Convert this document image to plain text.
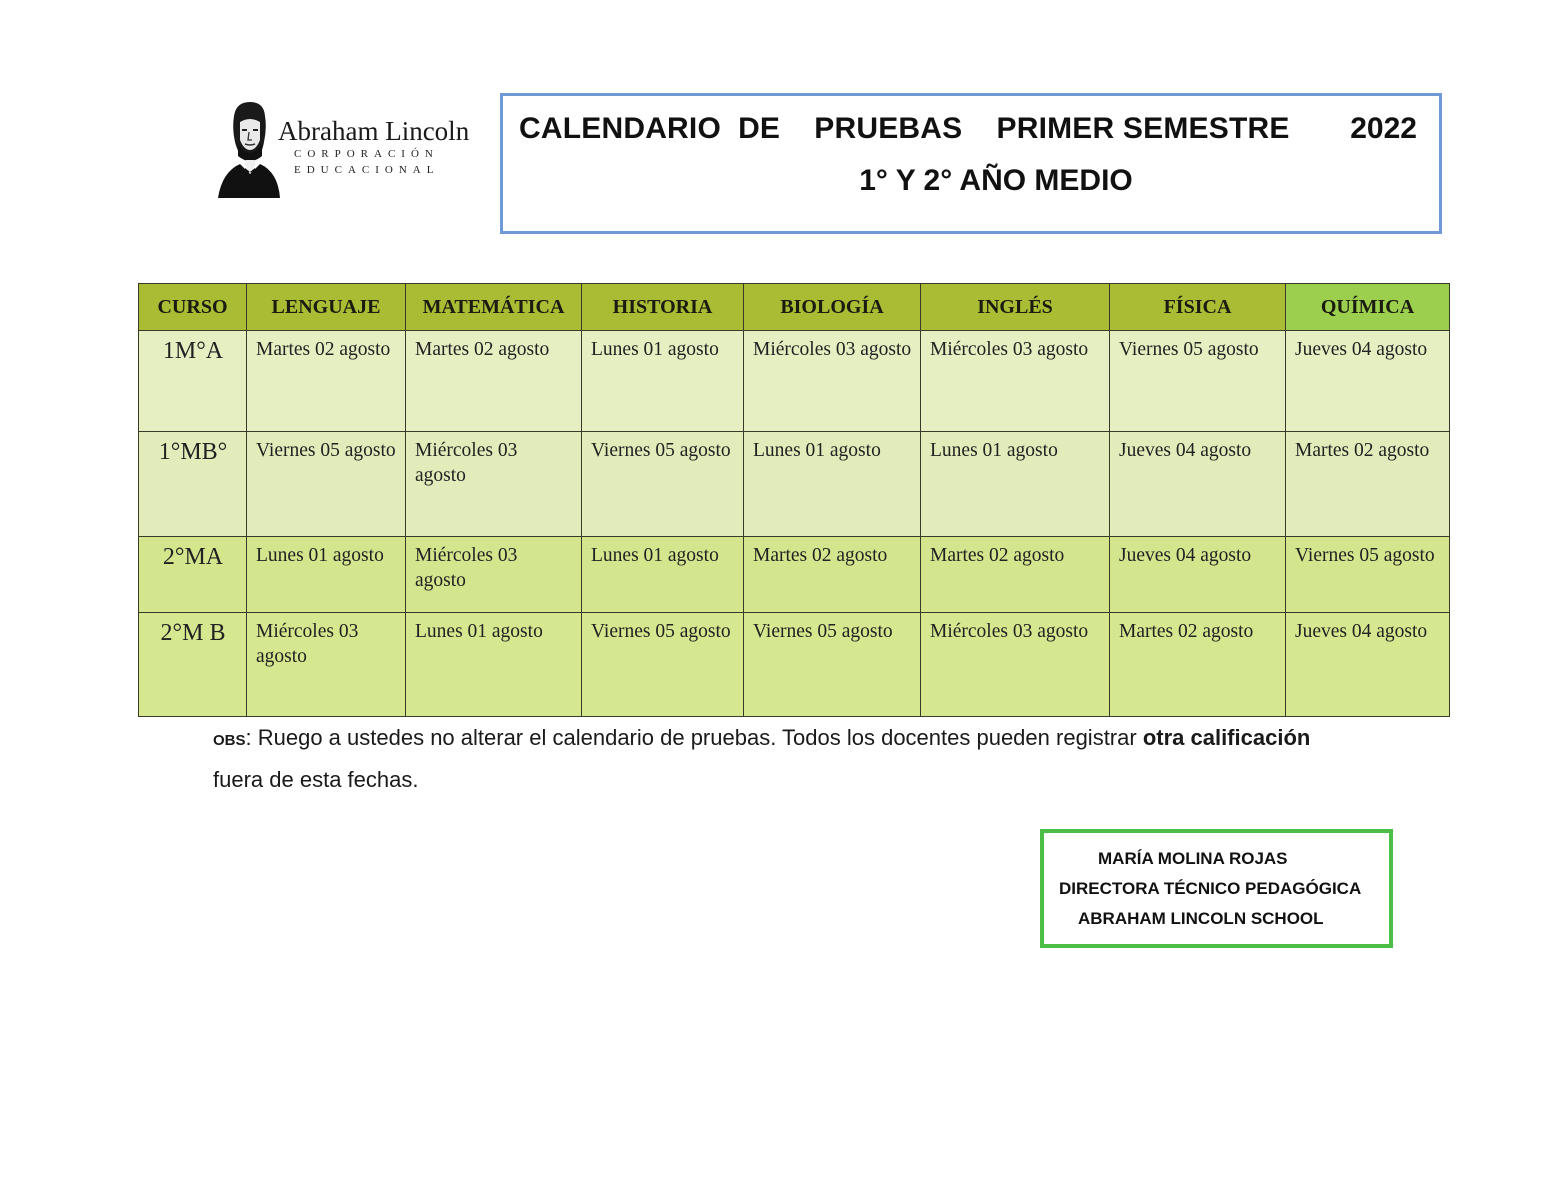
Abraham Lincoln
CORPORACIÓN
EDUCACIONAL
CALENDARIO  DE    PRUEBAS    PRIMER SEMESTRE 2022
1° Y 2° AÑO MEDIO
CURSO	LENGUAJE	MATEMÁTICA	HISTORIA	BIOLOGÍA	INGLÉS	FÍSICA	QUÍMICA
1M°A	Martes 02 agosto	Martes 02 agosto	Lunes 01 agosto	Miércoles 03 agosto	Miércoles 03 agosto	Viernes 05 agosto	Jueves 04 agosto
1°MB°	Viernes 05 agosto	Miércoles 03 agosto	Viernes 05 agosto	Lunes 01 agosto	Lunes 01 agosto	Jueves 04 agosto	Martes 02 agosto
2°MA	Lunes 01 agosto	Miércoles 03 agosto	Lunes 01 agosto	Martes 02 agosto	Martes 02 agosto	Jueves 04 agosto	Viernes 05 agosto
2°M B	Miércoles 03 agosto	Lunes 01 agosto	Viernes 05 agosto	Viernes 05 agosto	Miércoles 03 agosto	Martes 02 agosto	Jueves 04 agosto
OBS: Ruego a ustedes no alterar el calendario de pruebas. Todos los docentes pueden registrar otra calificación
fuera de esta fechas.
MARÍA MOLINA ROJAS
DIRECTORA TÉCNICO PEDAGÓGICA
ABRAHAM LINCOLN SCHOOL
